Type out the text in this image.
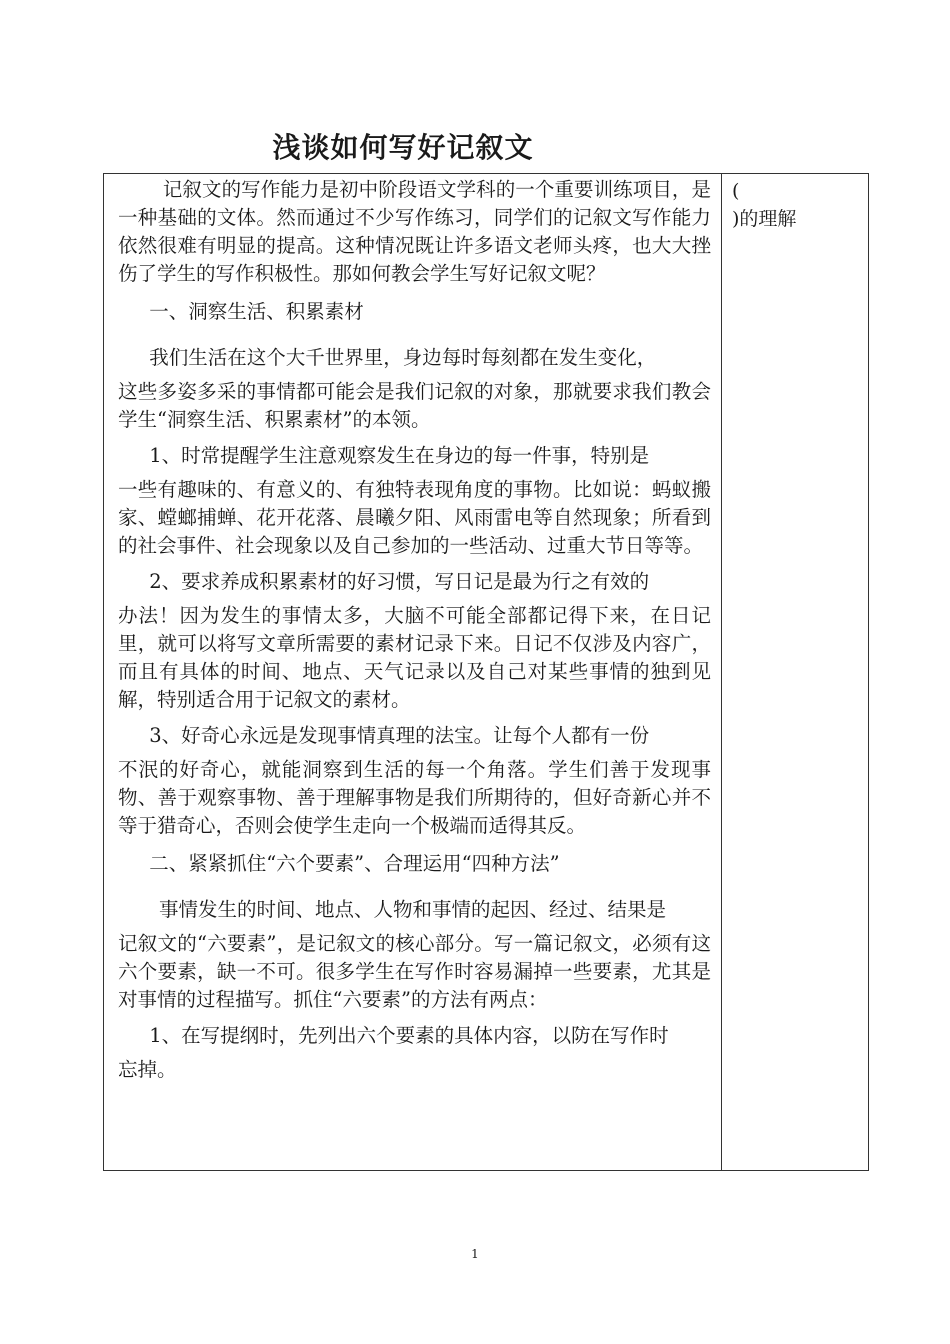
浅谈如何写好记叙文

记叙文的写作能力是初中阶段语文学科的一个重要训练项目，是一种基础的文体。然而通过不少写作练习，同学们的记叙文写作能力依然很难有明显的提高。这种情况既让许多语文老师头疼，也大大挫伤了学生的写作积极性。那如何教会学生写好记叙文呢？

一、洞察生活、积累素材

我们生活在这个大千世界里，身边每时每刻都在发生变化，
这些多姿多采的事情都可能会是我们记叙的对象，那就要求我们教会学生“洞察生活、积累素材”的本领。

1、时常提醒学生注意观察发生在身边的每一件事，特别是
一些有趣味的、有意义的、有独特表现角度的事物。比如说：蚂蚁搬家、螳螂捕蝉、花开花落、晨曦夕阳、风雨雷电等自然现象；所看到的社会事件、社会现象以及自己参加的一些活动、过重大节日等等。

2、要求养成积累素材的好习惯，写日记是最为行之有效的
办法！因为发生的事情太多，大脑不可能全部都记得下来，在日记里，就可以将写文章所需要的素材记录下来。日记不仅涉及内容广，而且有具体的时间、地点、天气记录以及自己对某些事情的独到见解，特别适合用于记叙文的素材。

3、好奇心永远是发现事情真理的法宝。让每个人都有一份
不泯的好奇心，就能洞察到生活的每一个角落。学生们善于发现事物、善于观察事物、善于理解事物是我们所期待的，但好奇新心并不等于猎奇心，否则会使学生走向一个极端而适得其反。

二、紧紧抓住“六个要素”、合理运用“四种方法”

事情发生的时间、地点、人物和事情的起因、经过、结果是
记叙文的“六要素”，是记叙文的核心部分。写一篇记叙文，必须有这六个要素，缺一不可。很多学生在写作时容易漏掉一些要素，尤其是对事情的过程描写。抓住“六要素”的方法有两点：

1、在写提纲时，先列出六个要素的具体内容，以防在写作时
忘掉。

(
)的理解
1
